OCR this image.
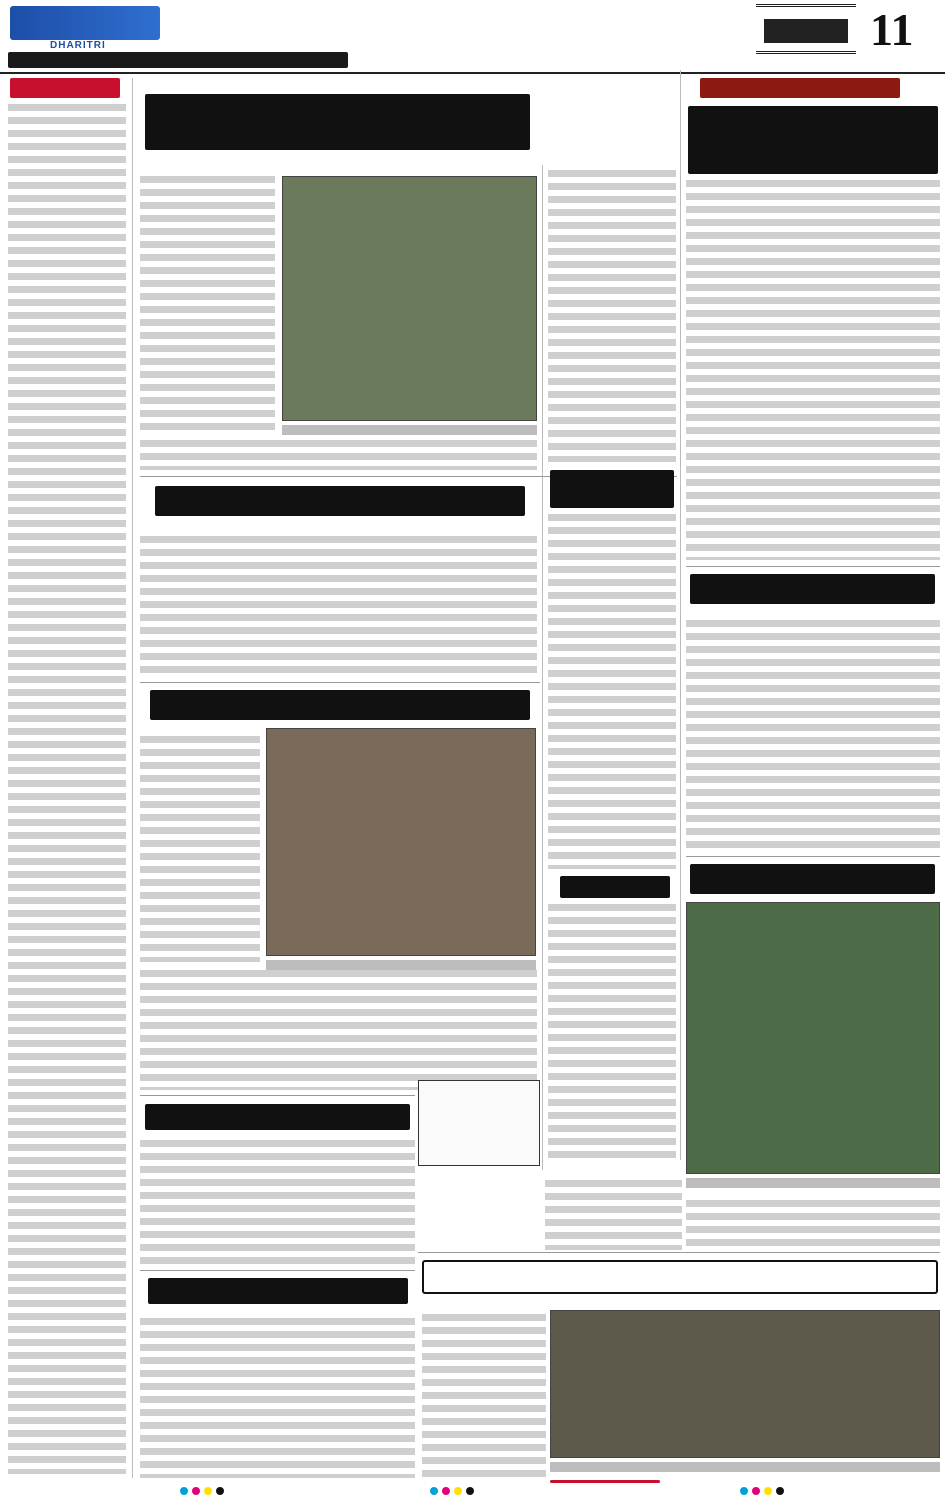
DHARITRI	11
